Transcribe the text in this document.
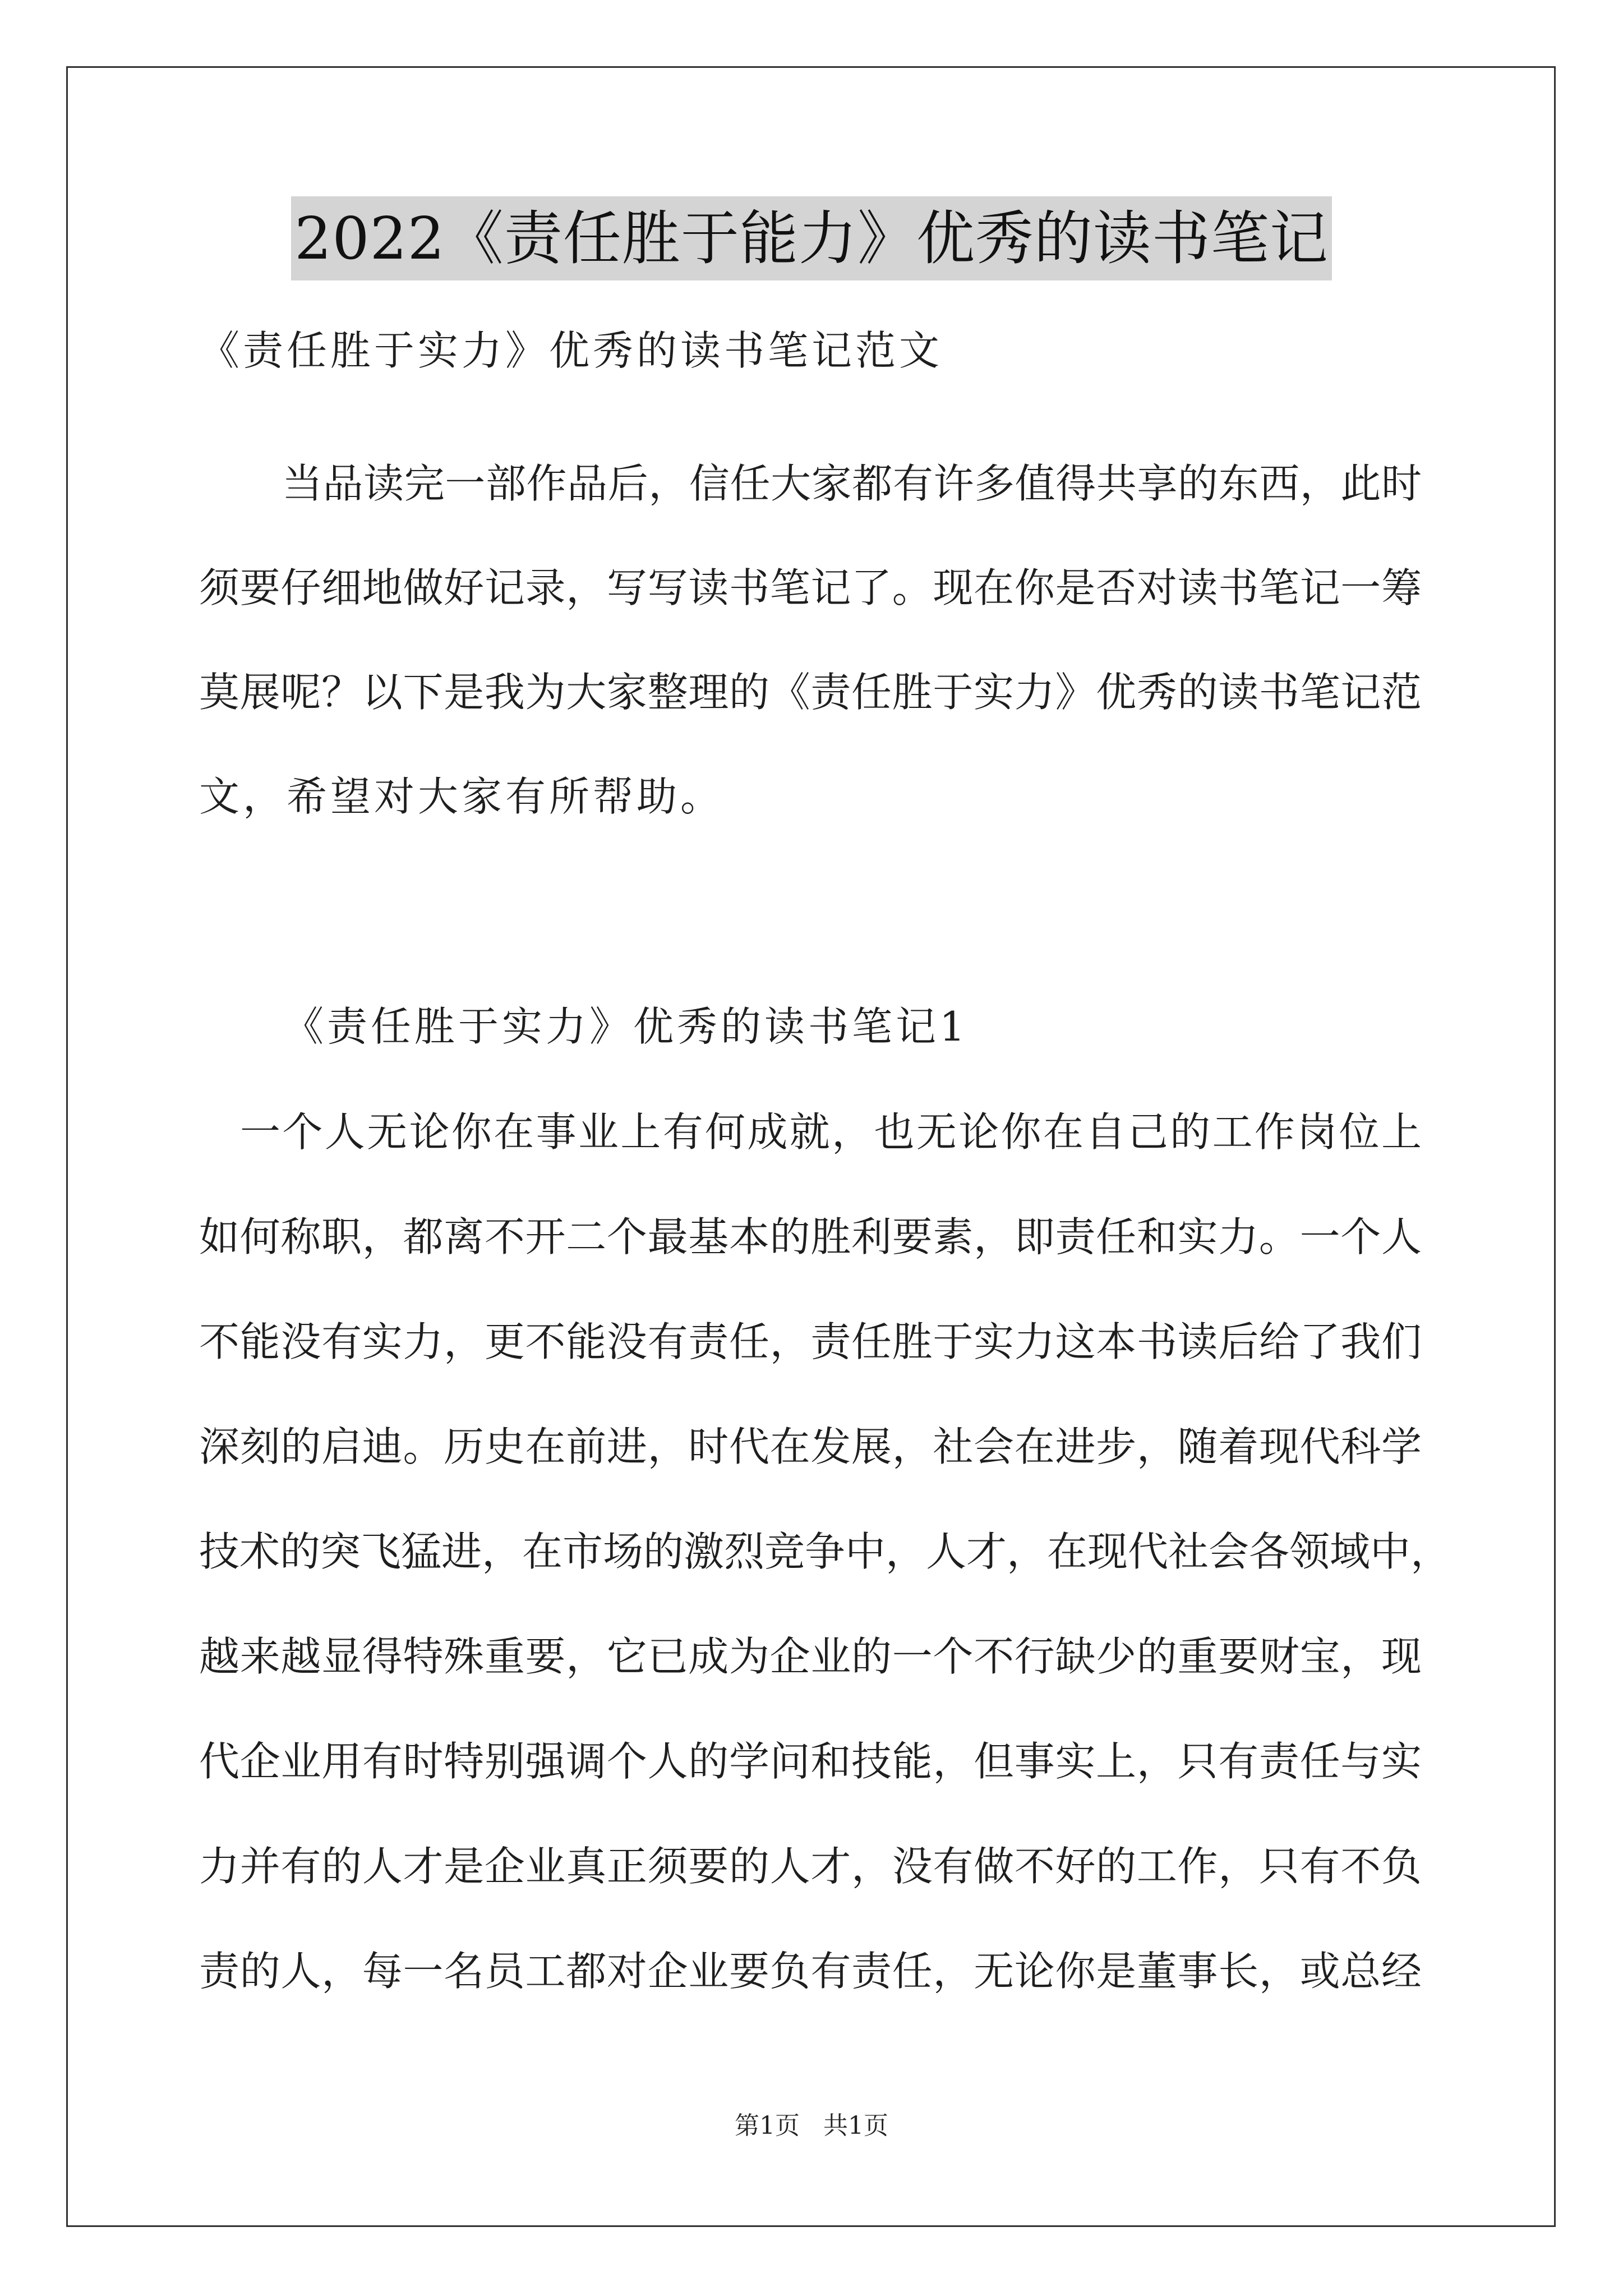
2022《责任胜于能力》优秀的读书笔记
《责任胜于实力》优秀的读书笔记范文
当品读完一部作品后，信任大家都有许多值得共享的东西，此时
须要仔细地做好记录，写写读书笔记了。现在你是否对读书笔记一筹
莫展呢？以下是我为大家整理的《责任胜于实力》优秀的读书笔记范
文，希望对大家有所帮助。
《责任胜于实力》优秀的读书笔记1
一个人无论你在事业上有何成就，也无论你在自己的工作岗位上
如何称职，都离不开二个最基本的胜利要素，即责任和实力。一个人
不能没有实力，更不能没有责任，责任胜于实力这本书读后给了我们
深刻的启迪。历史在前进，时代在发展，社会在进步，随着现代科学
技术的突飞猛进，在市场的激烈竞争中，人才，在现代社会各领域中，
越来越显得特殊重要，它已成为企业的一个不行缺少的重要财宝，现
代企业用有时特别强调个人的学问和技能，但事实上，只有责任与实
力并有的人才是企业真正须要的人才，没有做不好的工作，只有不负
责的人，每一名员工都对企业要负有责任，无论你是董事长，或总经
第1页 共1页
